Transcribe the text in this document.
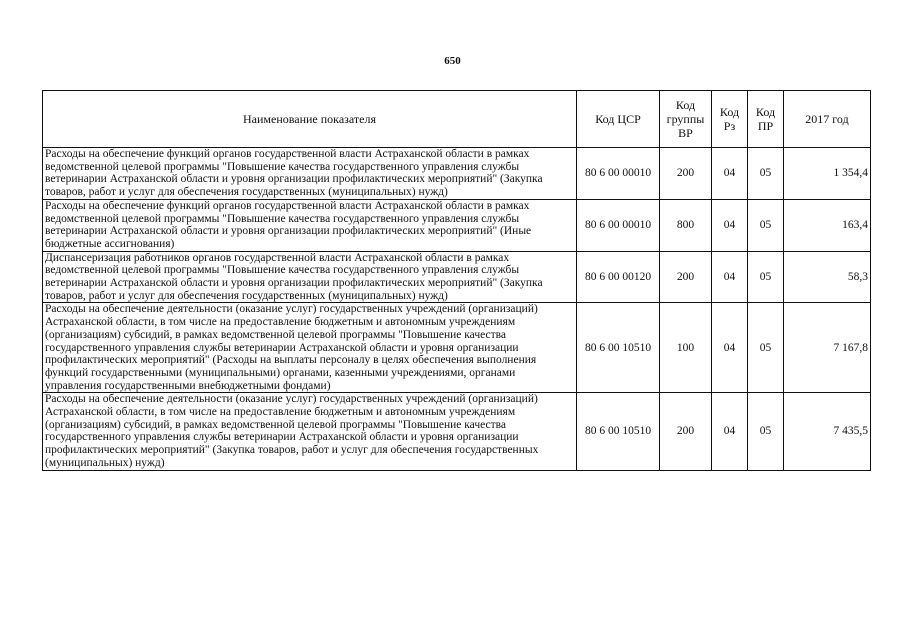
650
Наименование показателя	Код ЦСР	Код группы ВР	Код Рз	Код ПР	2017 год
Расходы на обеспечение функций органов государственной власти Астраханской области в рамках ведомственной целевой программы "Повышение качества государственного управления службы ветеринарии Астраханской области и уровня организации профилактических мероприятий" (Закупка товаров, работ и услуг для обеспечения государственных (муниципальных) нужд)	80 6 00 00010	200	04	05	1 354,4
Расходы на обеспечение функций органов государственной власти Астраханской области в рамках ведомственной целевой программы "Повышение качества государственного управления службы ветеринарии Астраханской области и уровня организации профилактических мероприятий" (Иные бюджетные ассигнования)	80 6 00 00010	800	04	05	163,4
Диспансеризация работников органов государственной власти Астраханской области в рамках ведомственной целевой программы "Повышение качества государственного управления службы ветеринарии Астраханской области и уровня организации профилактических мероприятий" (Закупка товаров, работ и услуг для обеспечения государственных (муниципальных) нужд)	80 6 00 00120	200	04	05	58,3
Расходы на обеспечение деятельности (оказание услуг) государственных учреждений (организаций) Астраханской области, в том числе на предоставление бюджетным и автономным учреждениям (организациям) субсидий, в рамках ведомственной целевой программы "Повышение качества государственного управления службы ветеринарии Астраханской области и уровня организации профилактических мероприятий" (Расходы на выплаты персоналу в целях обеспечения выполнения функций государственными (муниципальными) органами, казенными учреждениями, органами управления государственными внебюджетными фондами)	80 6 00 10510	100	04	05	7 167,8
Расходы на обеспечение деятельности (оказание услуг) государственных учреждений (организаций) Астраханской области, в том числе на предоставление бюджетным и автономным учреждениям (организациям) субсидий, в рамках ведомственной целевой программы "Повышение качества государственного управления службы ветеринарии Астраханской области и уровня организации профилактических мероприятий" (Закупка товаров, работ и услуг для обеспечения государственных (муниципальных) нужд)	80 6 00 10510	200	04	05	7 435,5
